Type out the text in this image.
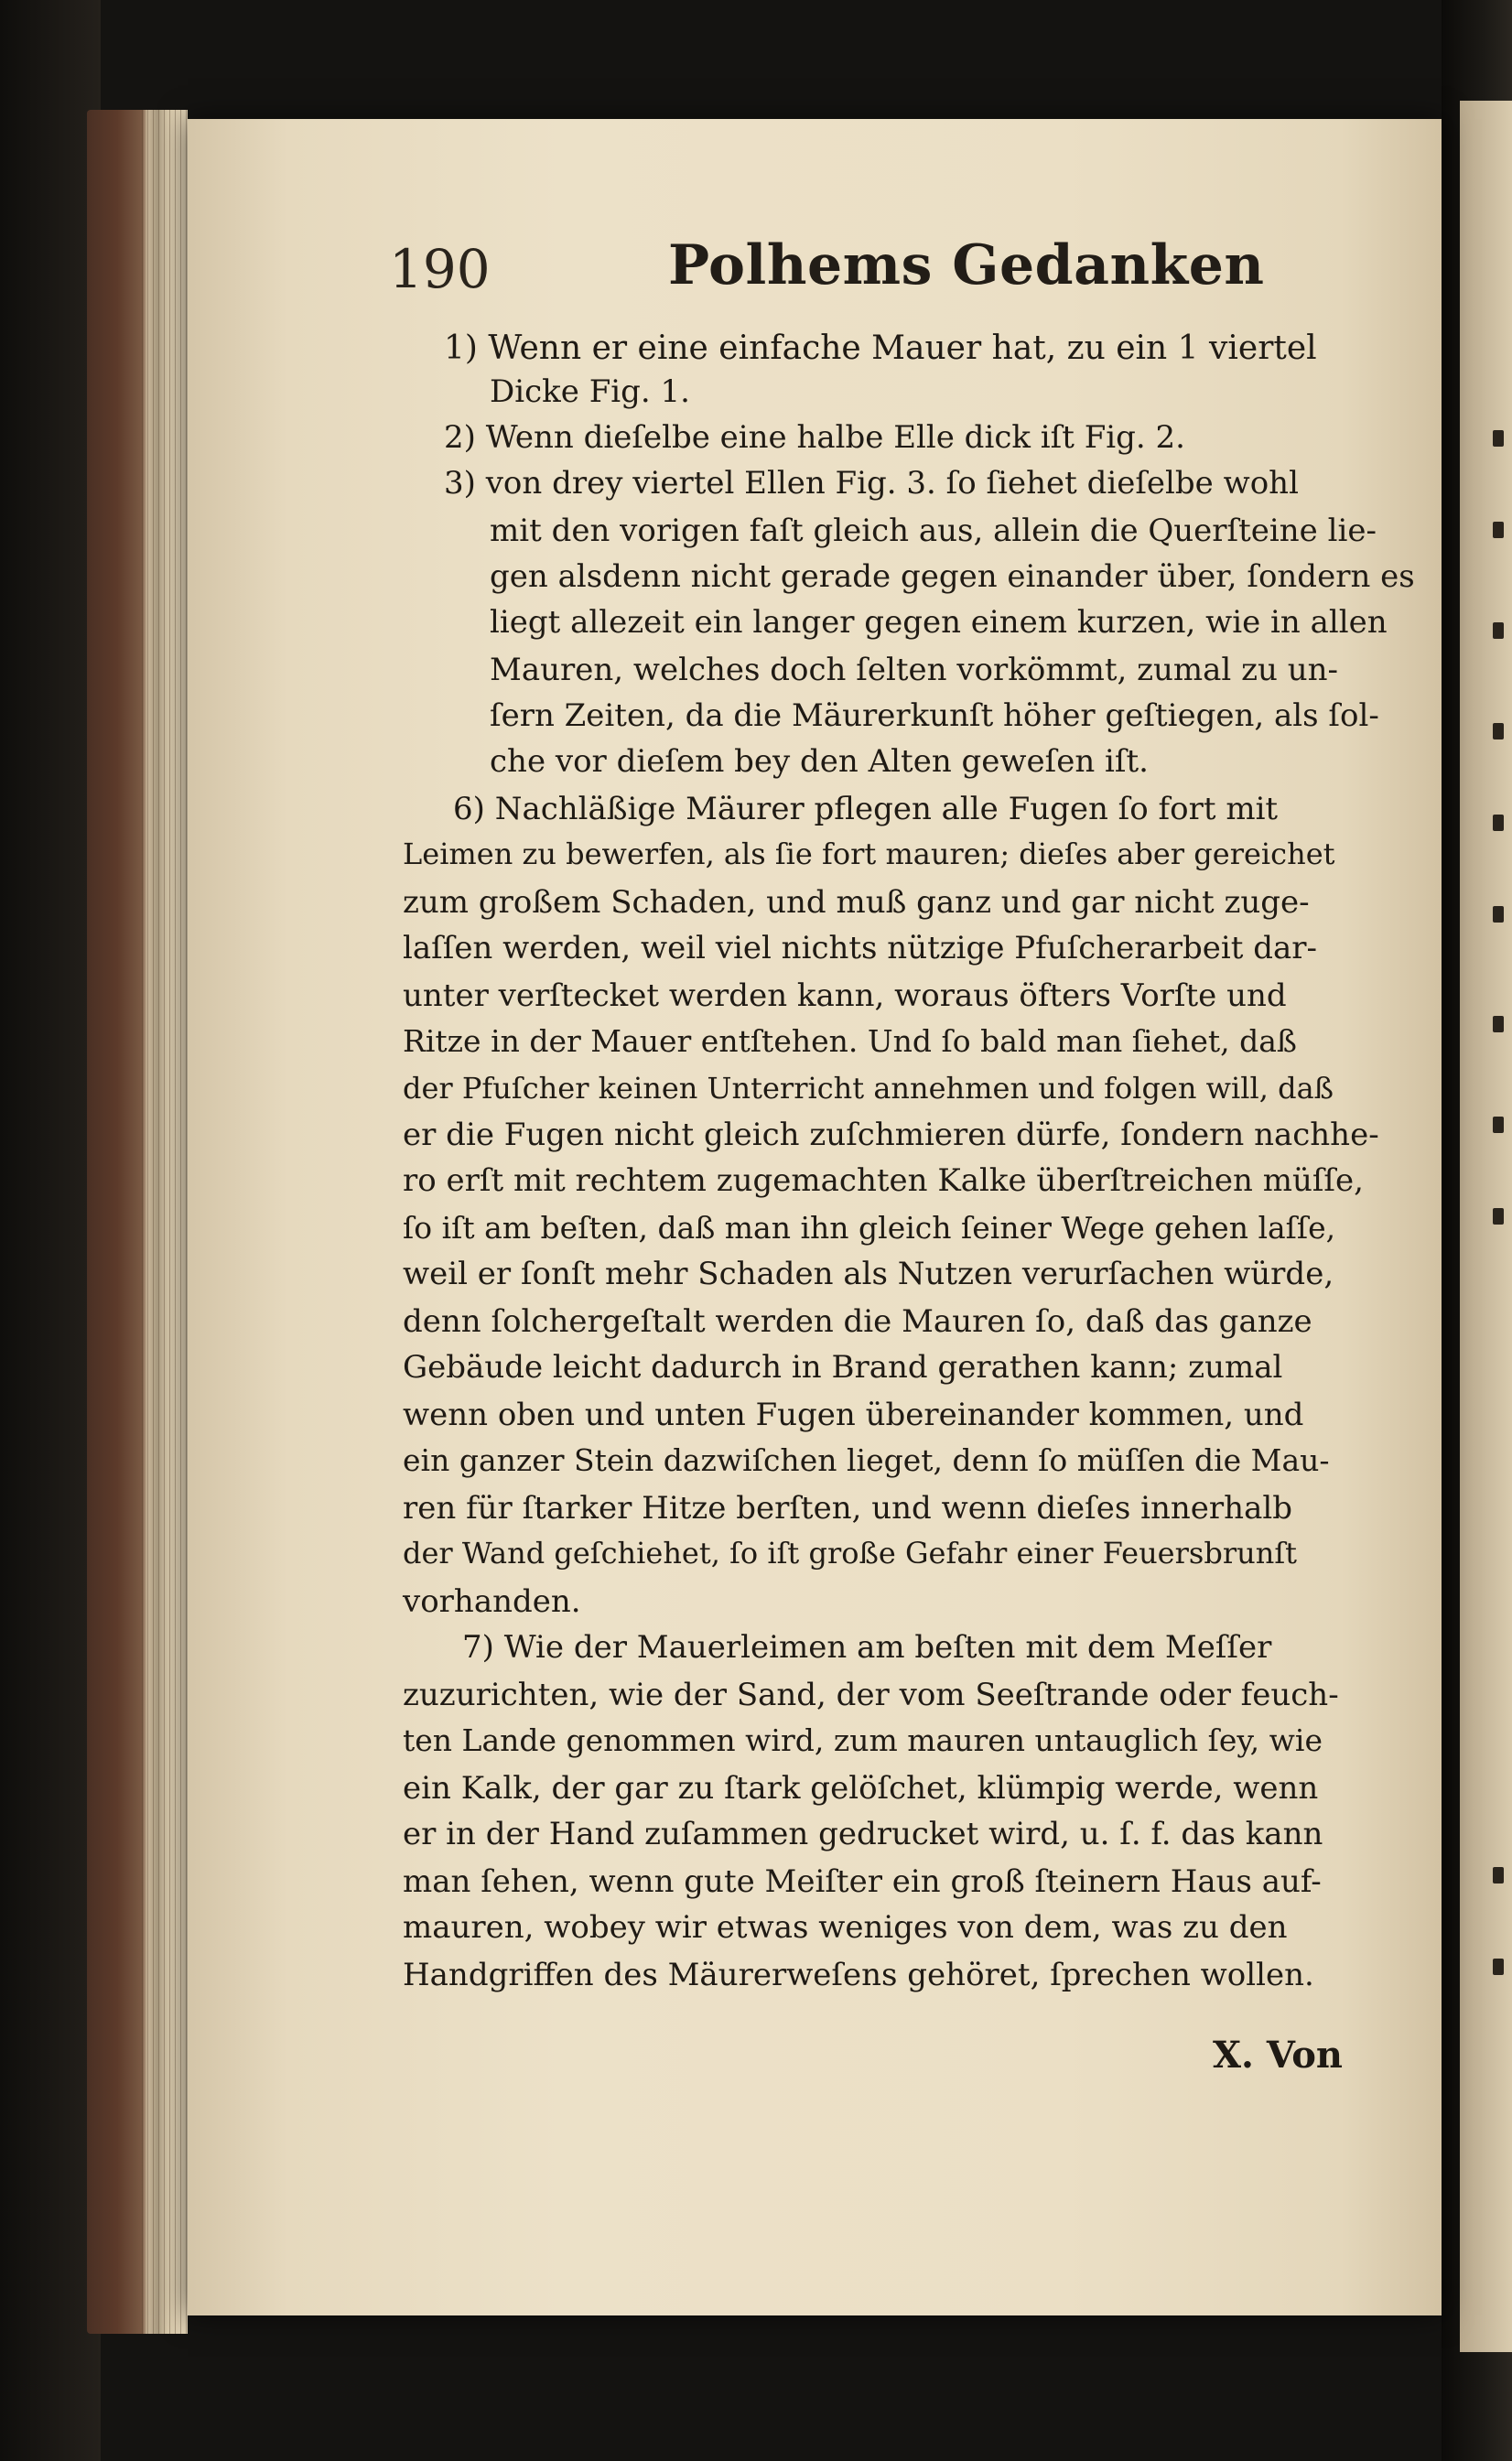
190	Polhems Gedanken
1) Wenn er eine einfache Mauer hat, zu ein 1 viertel
Dicke Fig. 1.
2) Wenn dieſelbe eine halbe Elle dick iſt Fig. 2.
3) von drey viertel Ellen Fig. 3. ſo ſiehet dieſelbe wohl
mit den vorigen faſt gleich aus, allein die Querſteine lie-
gen alsdenn nicht gerade gegen einander über, ſondern es
liegt allezeit ein langer gegen einem kurzen, wie in allen
Mauren, welches doch ſelten vorkömmt, zumal zu un-
ſern Zeiten, da die Mäurerkunſt höher geſtiegen, als ſol-
che vor dieſem bey den Alten geweſen iſt.
6) Nachläßige Mäurer pflegen alle Fugen ſo fort mit
Leimen zu bewerfen, als ſie fort mauren; dieſes aber gereichet
zum großem Schaden, und muß ganz und gar nicht zuge-
laſſen werden, weil viel nichts nützige Pfuſcherarbeit dar-
unter verſtecket werden kann, woraus öfters Vorſte und
Ritze in der Mauer entſtehen. Und ſo bald man ſiehet, daß
der Pfuſcher keinen Unterricht annehmen und folgen will, daß
er die Fugen nicht gleich zuſchmieren dürfe, ſondern nachhe-
ro erſt mit rechtem zugemachten Kalke überſtreichen müſſe,
ſo iſt am beſten, daß man ihn gleich ſeiner Wege gehen laſſe,
weil er ſonſt mehr Schaden als Nutzen verurſachen würde,
denn ſolchergeſtalt werden die Mauren ſo, daß das ganze
Gebäude leicht dadurch in Brand gerathen kann; zumal
wenn oben und unten Fugen übereinander kommen, und
ein ganzer Stein dazwiſchen lieget, denn ſo müſſen die Mau-
ren für ſtarker Hitze berſten, und wenn dieſes innerhalb
der Wand geſchiehet, ſo iſt große Gefahr einer Feuersbrunſt
vorhanden.
7) Wie der Mauerleimen am beſten mit dem Meſſer
zuzurichten, wie der Sand, der vom Seeſtrande oder feuch-
ten Lande genommen wird, zum mauren untauglich ſey, wie
ein Kalk, der gar zu ſtark gelöſchet, klümpig werde, wenn
er in der Hand zuſammen gedrucket wird, u. ſ. f. das kann
man ſehen, wenn gute Meiſter ein groß ſteinern Haus auf-
mauren, wobey wir etwas weniges von dem, was zu den
Handgriffen des Mäurerweſens gehöret, ſprechen wollen.
X. Von
